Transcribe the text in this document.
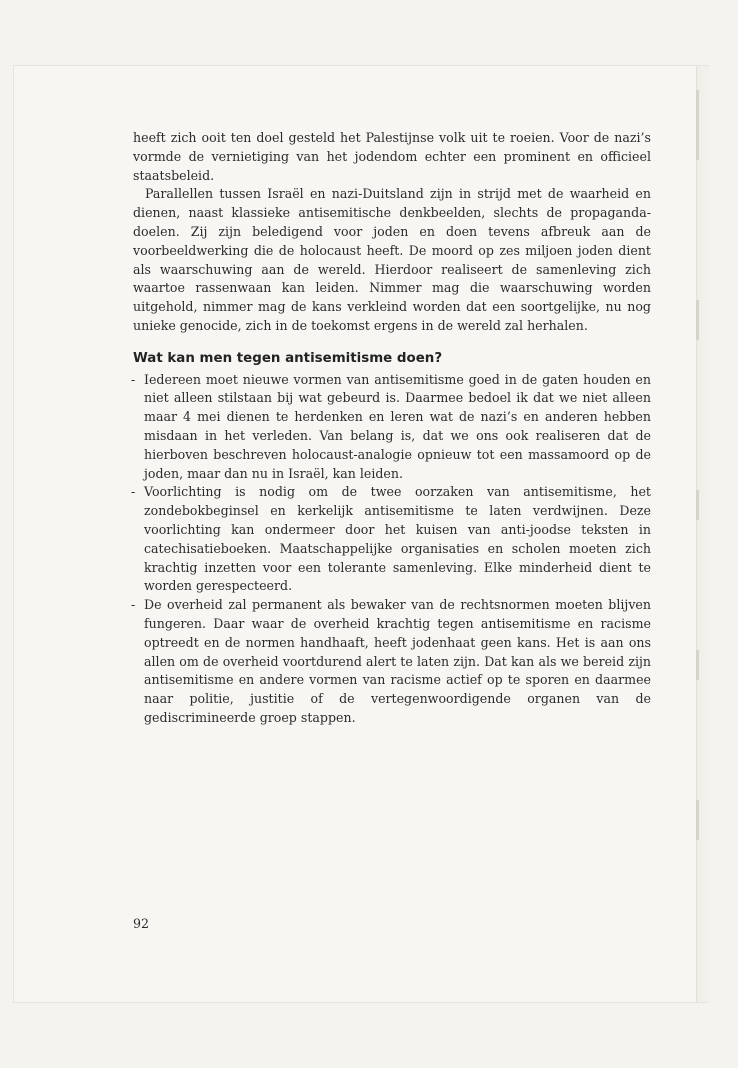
heeft zich ooit ten doel gesteld het Palestijnse volk uit te roeien. Voor de nazi’s vormde de vernietiging van het jodendom echter een prominent en officieel staatsbeleid.

Parallellen tussen Israël en nazi-Duitsland zijn in strijd met de waarheid en dienen, naast klassieke antisemitische denkbeelden, slechts de propaganda-doelen. Zij zijn beledigend voor joden en doen tevens afbreuk aan de voorbeeldwerking die de holocaust heeft. De moord op zes miljoen joden dient als waarschuwing aan de wereld. Hierdoor realiseert de samenleving zich waartoe rassenwaan kan leiden. Nimmer mag die waarschuwing worden uitgehold, nimmer mag de kans verkleind worden dat een soortgelijke, nu nog unieke genocide, zich in de toekomst ergens in de wereld zal herhalen.

Wat kan men tegen antisemitisme doen?
- Iedereen moet nieuwe vormen van antisemitisme goed in de gaten houden en niet alleen stilstaan bij wat gebeurd is. Daarmee bedoel ik dat we niet alleen maar 4 mei dienen te herdenken en leren wat de nazi’s en anderen hebben misdaan in het verleden. Van belang is, dat we ons ook realiseren dat de hierboven beschreven holocaust-analogie opnieuw tot een massamoord op de joden, maar dan nu in Israël, kan leiden.
- Voorlichting is nodig om de twee oorzaken van antisemitisme, het zondebokbeginsel en kerkelijk antisemitisme te laten verdwijnen. Deze voorlichting kan ondermeer door het kuisen van anti-joodse teksten in catechisatieboeken. Maatschappelijke organisaties en scholen moeten zich krachtig inzetten voor een tolerante samenleving. Elke minderheid dient te worden gerespecteerd.
- De overheid zal permanent als bewaker van de rechtsnormen moeten blijven fungeren. Daar waar de overheid krachtig tegen antisemitisme en racisme optreedt en de normen handhaaft, heeft jodenhaat geen kans. Het is aan ons allen om de overheid voortdurend alert te laten zijn. Dat kan als we bereid zijn antisemitisme en andere vormen van racisme actief op te sporen en daarmee naar politie, justitie of de vertegenwoordigende organen van de gediscrimineerde groep stappen.
92
